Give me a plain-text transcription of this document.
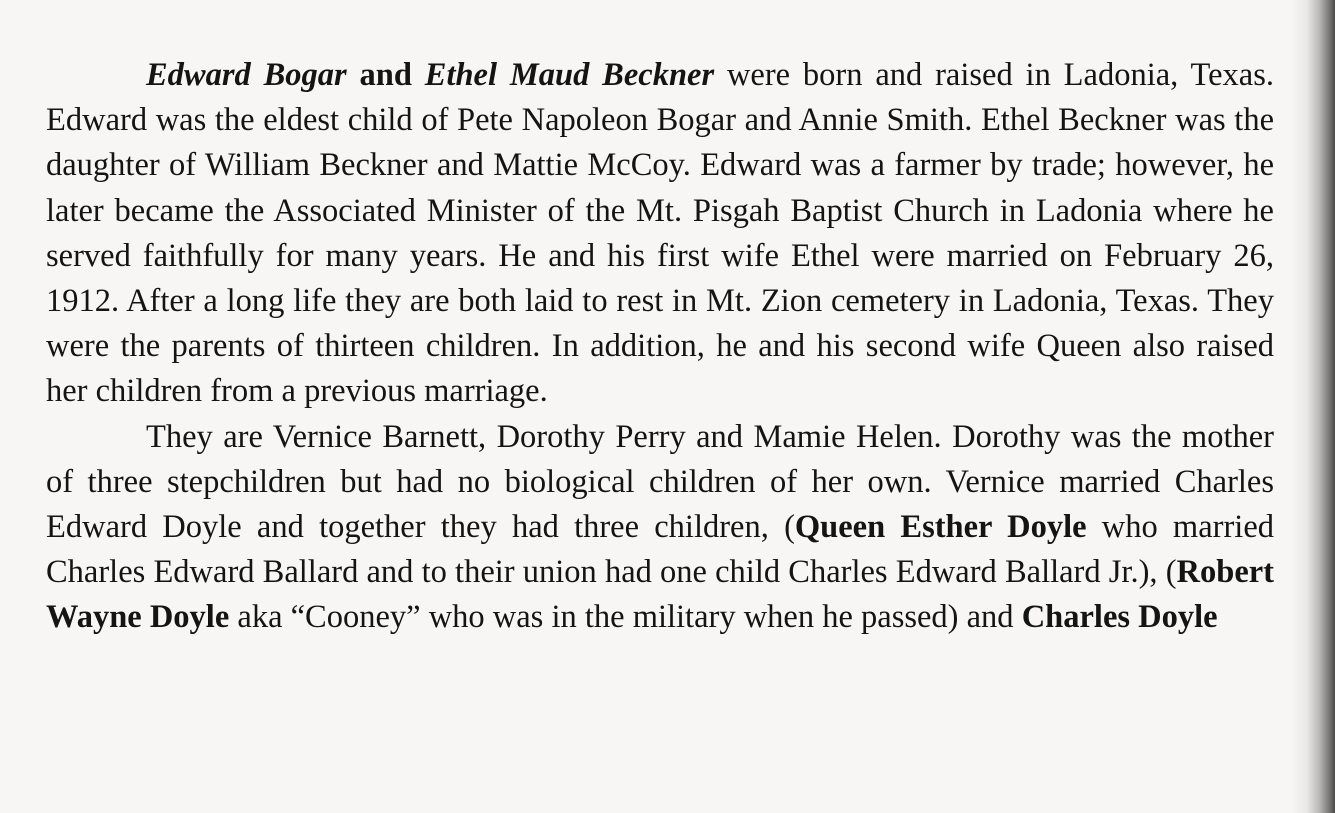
Edward Bogar and Ethel Maud Beckner were born and raised in Ladonia, Texas. Edward was the eldest child of Pete Napoleon Bogar and Annie Smith. Ethel Beckner was the daughter of William Beckner and Mattie McCoy. Edward was a farmer by trade; however, he later became the Associated Minister of the Mt. Pisgah Baptist Church in Ladonia where he served faithfully for many years. He and his first wife Ethel were married on February 26, 1912. After a long life they are both laid to rest in Mt. Zion cemetery in Ladonia, Texas. They were the parents of thirteen children. In addition, he and his second wife Queen also raised her children from a previous marriage.

They are Vernice Barnett, Dorothy Perry and Mamie Helen. Dorothy was the mother of three stepchildren but had no biological children of her own. Vernice married Charles Edward Doyle and together they had three children, (Queen Esther Doyle who married Charles Edward Ballard and to their union had one child Charles Edward Ballard Jr.), (Robert Wayne Doyle aka “Cooney” who was in the military when he passed) and Charles Doyle
